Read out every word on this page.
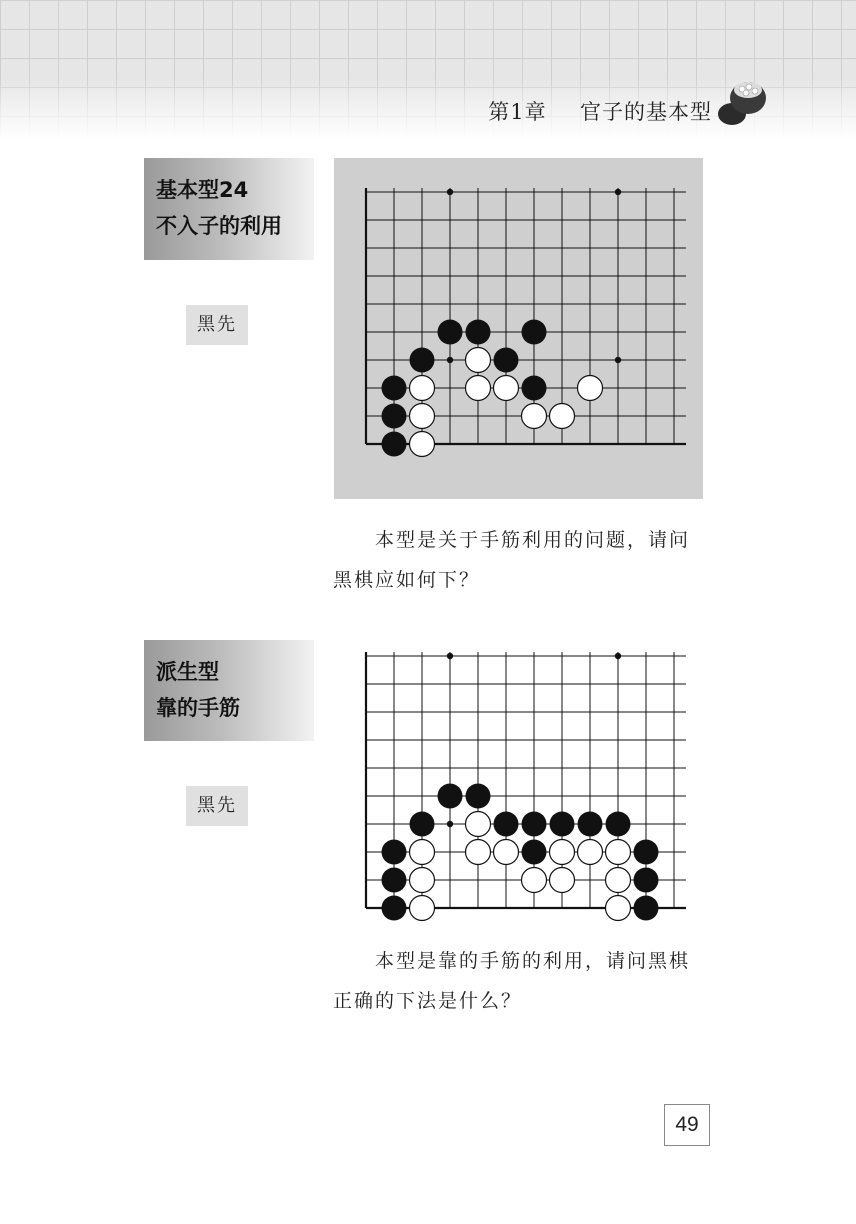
第1章 官子的基本型
基本型24
不入子的利用
黑先
本型是关于手筋利用的问题，请问黑棋应如何下？
派生型
靠的手筋
黑先
本型是靠的手筋的利用，请问黑棋正确的下法是什么？
49
